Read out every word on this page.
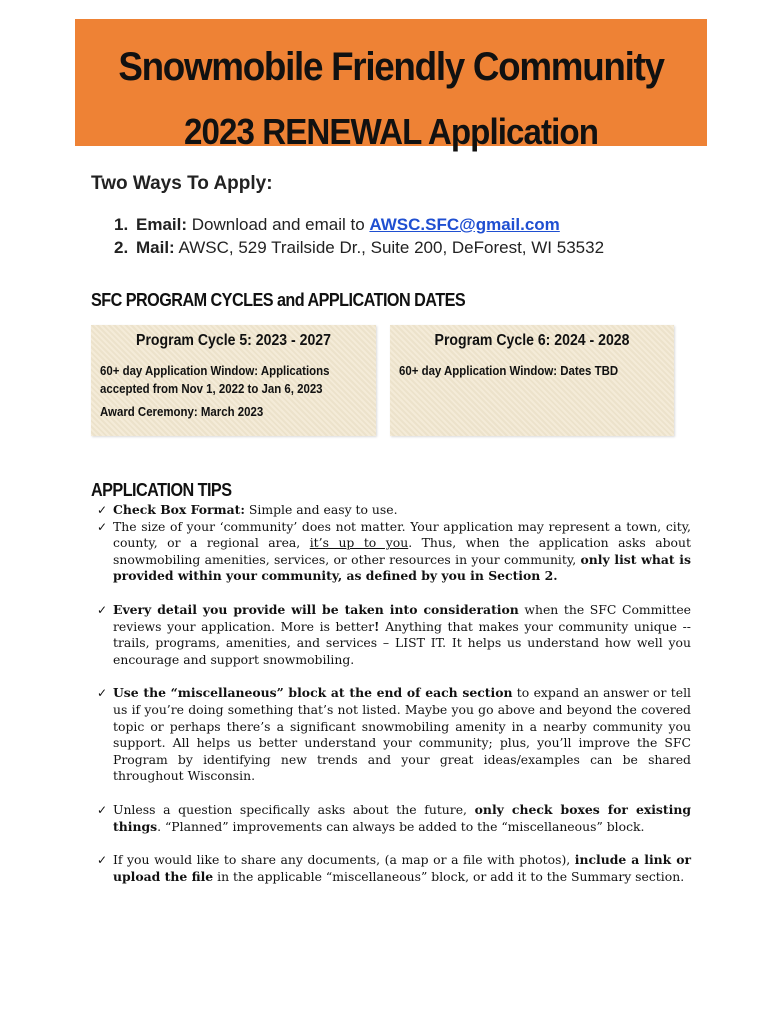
Snowmobile Friendly Community
2023 RENEWAL Application
Two Ways To Apply:
1. Email: Download and email to AWSC.SFC@gmail.com
2. Mail: AWSC, 529 Trailside Dr., Suite 200, DeForest, WI 53532
SFC PROGRAM CYCLES and APPLICATION DATES
Program Cycle 5: 2023 - 2027
60+ day Application Window: Applications
accepted from Nov 1, 2022 to Jan 6, 2023
Award Ceremony: March 2023
Program Cycle 6: 2024 - 2028
60+ day Application Window: Dates TBD
APPLICATION TIPS
✓ Check Box Format: Simple and easy to use.
✓ The size of your ‘community’ does not matter. Your application may represent a town, city, county, or a regional area, it’s up to you. Thus, when the application asks about snowmobiling amenities, services, or other resources in your community, only list what is provided within your community, as defined by you in Section 2.
✓ Every detail you provide will be taken into consideration when the SFC Committee reviews your application. More is better! Anything that makes your community unique -- trails, programs, amenities, and services – LIST IT. It helps us understand how well you encourage and support snowmobiling.
✓ Use the “miscellaneous” block at the end of each section to expand an answer or tell us if you’re doing something that’s not listed. Maybe you go above and beyond the covered topic or perhaps there’s a significant snowmobiling amenity in a nearby community you support. All helps us better understand your community; plus, you’ll improve the SFC Program by identifying new trends and your great ideas/examples can be shared throughout Wisconsin.
✓ Unless a question specifically asks about the future, only check boxes for existing things. “Planned” improvements can always be added to the “miscellaneous” block.
✓ If you would like to share any documents, (a map or a file with photos), include a link or upload the file in the applicable “miscellaneous” block, or add it to the Summary section.
